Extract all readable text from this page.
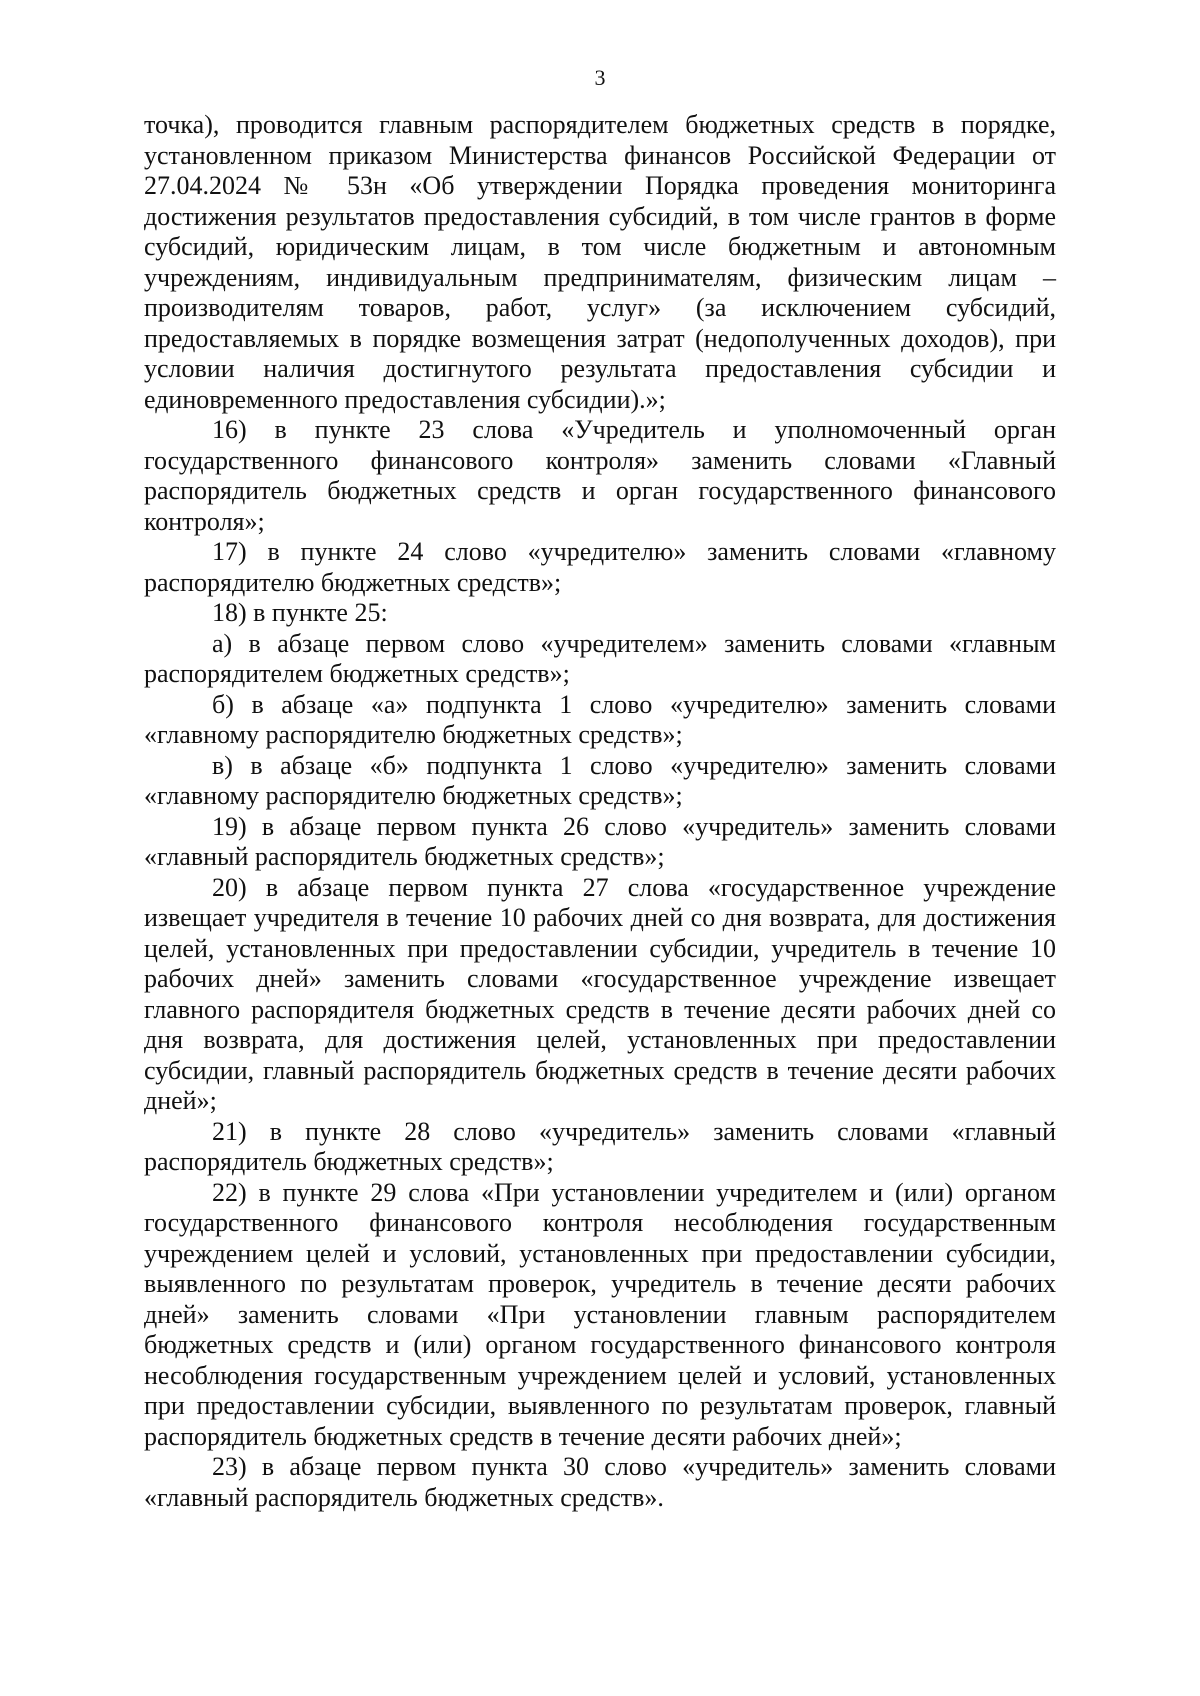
3

точка), проводится главным распорядителем бюджетных средств в порядке, установленном приказом Министерства финансов Российской Федерации от 27.04.2024 № 53н «Об утверждении Порядка проведения мониторинга достижения результатов предоставления субсидий, в том числе грантов в форме субсидий, юридическим лицам, в том числе бюджетным и автономным учреждениям, индивидуальным предпринимателям, физическим лицам – производителям товаров, работ, услуг» (за исключением субсидий, предоставляемых в порядке возмещения затрат (недополученных доходов), при условии наличия достигнутого результата предоставления субсидии и единовременного предоставления субсидии).»;

16) в пункте 23 слова «Учредитель и уполномоченный орган государственного финансового контроля» заменить словами «Главный распорядитель бюджетных средств и орган государственного финансового контроля»;

17) в пункте 24 слово «учредителю» заменить словами «главному распорядителю бюджетных средств»;

18) в пункте 25:

а) в абзаце первом слово «учредителем» заменить словами «главным распорядителем бюджетных средств»;

б) в абзаце «а» подпункта 1 слово «учредителю» заменить словами «главному распорядителю бюджетных средств»;

в) в абзаце «б» подпункта 1 слово «учредителю» заменить словами «главному распорядителю бюджетных средств»;

19) в абзаце первом пункта 26 слово «учредитель» заменить словами «главный распорядитель бюджетных средств»;

20) в абзаце первом пункта 27 слова «государственное учреждение извещает учредителя в течение 10 рабочих дней со дня возврата, для достижения целей, установленных при предоставлении субсидии, учредитель в течение 10 рабочих дней» заменить словами «государственное учреждение извещает главного распорядителя бюджетных средств в течение десяти рабочих дней со дня возврата, для достижения целей, установленных при предоставлении субсидии, главный распорядитель бюджетных средств в течение десяти рабочих дней»;

21) в пункте 28 слово «учредитель» заменить словами «главный распорядитель бюджетных средств»;

22) в пункте 29 слова «При установлении учредителем и (или) органом государственного финансового контроля несоблюдения государственным учреждением целей и условий, установленных при предоставлении субсидии, выявленного по результатам проверок, учредитель в течение десяти рабочих дней» заменить словами «При установлении главным распорядителем бюджетных средств и (или) органом государственного финансового контроля несоблюдения государственным учреждением целей и условий, установленных при предоставлении субсидии, выявленного по результатам проверок, главный распорядитель бюджетных средств в течение десяти рабочих дней»;

23) в абзаце первом пункта 30 слово «учредитель» заменить словами «главный распорядитель бюджетных средств».
